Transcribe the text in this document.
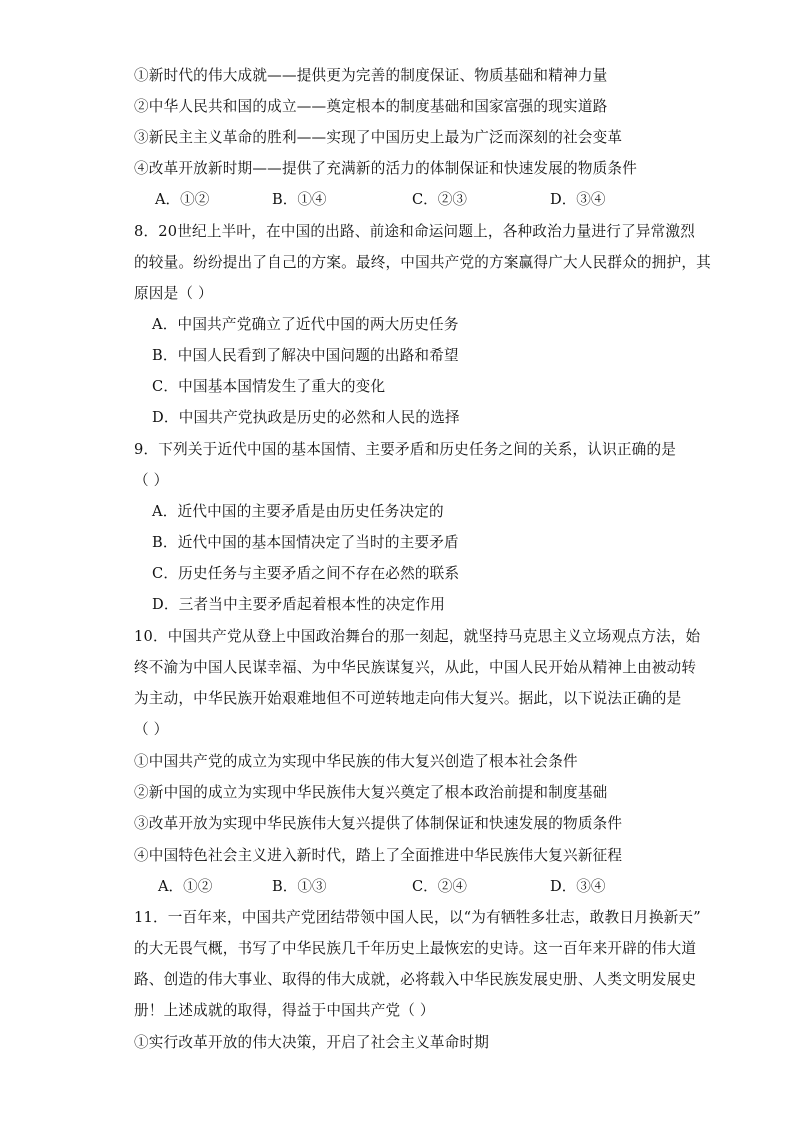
①新时代的伟大成就——提供更为完善的制度保证、物质基础和精神力量
②中华人民共和国的成立——奠定根本的制度基础和国家富强的现实道路
③新民主主义革命的胜利——实现了中国历史上最为广泛而深刻的社会变革
④改革开放新时期——提供了充满新的活力的体制保证和快速发展的物质条件
A．①②	B．①④	C．②③	D．③④
8．20世纪上半叶，在中国的出路、前途和命运问题上，各种政治力量进行了异常激烈
的较量。纷纷提出了自己的方案。最终，中国共产党的方案赢得广大人民群众的拥护，其
原因是（ ）
A．中国共产党确立了近代中国的两大历史任务
B．中国人民看到了解决中国问题的出路和希望
C．中国基本国情发生了重大的变化
D．中国共产党执政是历史的必然和人民的选择
9．下列关于近代中国的基本国情、主要矛盾和历史任务之间的关系，认识正确的是
（ ）
A．近代中国的主要矛盾是由历史任务决定的
B．近代中国的基本国情决定了当时的主要矛盾
C．历史任务与主要矛盾之间不存在必然的联系
D．三者当中主要矛盾起着根本性的决定作用
10．中国共产党从登上中国政治舞台的那一刻起，就坚持马克思主义立场观点方法，始
终不渝为中国人民谋幸福、为中华民族谋复兴，从此，中国人民开始从精神上由被动转
为主动，中华民族开始艰难地但不可逆转地走向伟大复兴。据此，以下说法正确的是
（ ）
①中国共产党的成立为实现中华民族的伟大复兴创造了根本社会条件
②新中国的成立为实现中华民族伟大复兴奠定了根本政治前提和制度基础
③改革开放为实现中华民族伟大复兴提供了体制保证和快速发展的物质条件
④中国特色社会主义进入新时代，踏上了全面推进中华民族伟大复兴新征程
A．①②	B．①③	C．②④	D．③④
11．一百年来，中国共产党团结带领中国人民，以“为有牺牲多壮志，敢教日月换新天”
的大无畏气概，书写了中华民族几千年历史上最恢宏的史诗。这一百年来开辟的伟大道
路、创造的伟大事业、取得的伟大成就，必将载入中华民族发展史册、人类文明发展史
册！上述成就的取得，得益于中国共产党（ ）
①实行改革开放的伟大决策，开启了社会主义革命时期
